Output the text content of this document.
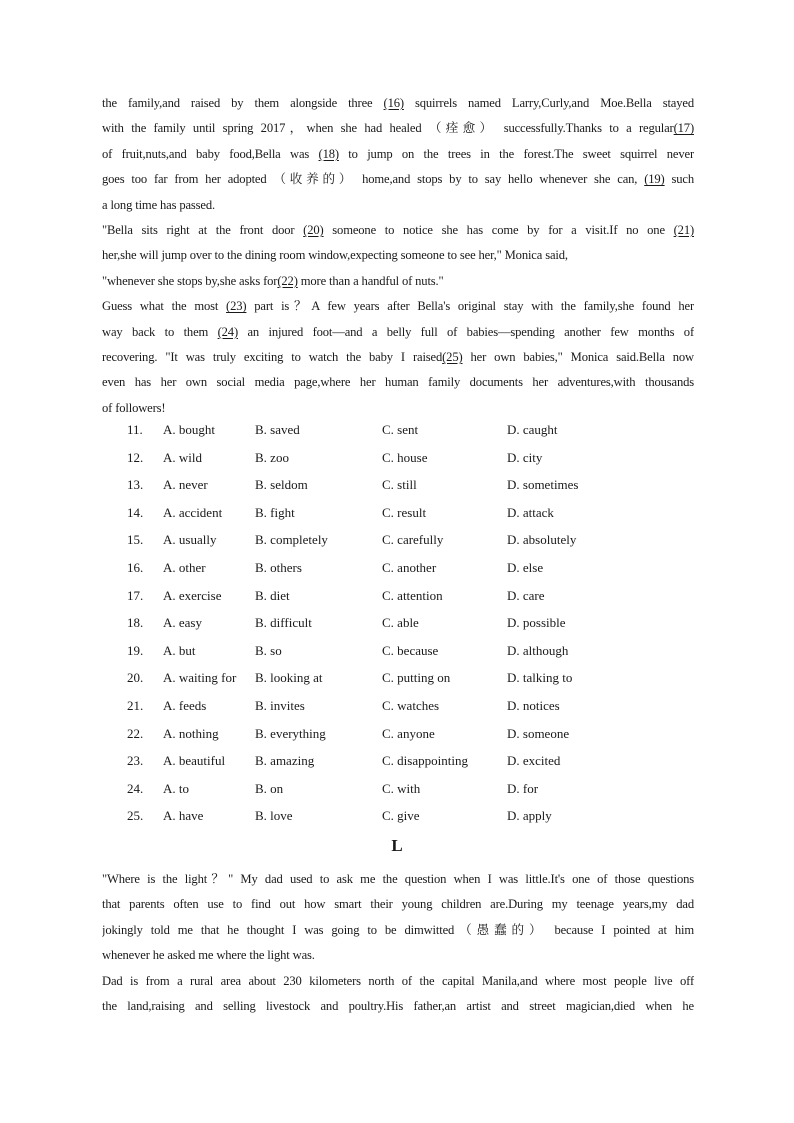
the family,and raised by them alongside three (16) squirrels named Larry,Curly,and Moe.Bella stayed
with the family until spring 2017，when she had healed （痊愈） successfully.Thanks to a regular(17)
of fruit,nuts,and baby food,Bella was (18) to jump on the trees in the forest.The sweet squirrel never
goes too far from her adopted （收养的） home,and stops by to say hello whenever she can, (19) such
a long time has passed.
"Bella sits right at the front door (20) someone to notice she has come by for a visit.If no one (21)
her,she will jump over to the dining room window,expecting someone to see her," Monica said,
"whenever she stops by,she asks for(22) more than a handful of nuts."
Guess what the most (23) part is？A few years after Bella's original stay with the family,she found her
way back to them (24) an injured foot—and a belly full of babies—spending another few months of
recovering. "It was truly exciting to watch the baby I raised(25) her own babies," Monica said.Bella now
even has her own social media page,where her human family documents her adventures,with thousands
of followers!
11.	A. bought	B. saved	C. sent	D. caught
12.	A. wild	B. zoo	C. house	D. city
13.	A. never	B. seldom	C. still	D. sometimes
14.	A. accident	B. fight	C. result	D. attack
15.	A. usually	B. completely	C. carefully	D. absolutely
16.	A. other	B. others	C. another	D. else
17.	A. exercise	B. diet	C. attention	D. care
18.	A. easy	B. difficult	C. able	D. possible
19.	A. but	B. so	C. because	D. although
20.	A. waiting for B. looking at	C. putting on	D. talking to
21.	A. feeds	B. invites	C. watches	D. notices
22.	A. nothing	B. everything	C. anyone	D. someone
23.	A. beautiful B. amazing	C. disappointing	D. excited
24.	A. to	B. on	C. with	D. for
25.	A. have	B. love	C. give	D. apply
L
"Where is the light？" My dad used to ask me the question when I was little.It's one of those questions
that parents often use to find out how smart their young children are.During my teenage years,my dad
jokingly told me that he thought I was going to be dimwitted（愚蠢的） because I pointed at him
whenever he asked me where the light was.
Dad is from a rural area about 230 kilometers north of the capital Manila,and where most people live off
the land,raising and selling livestock and poultry.His father,an artist and street magician,died when he
